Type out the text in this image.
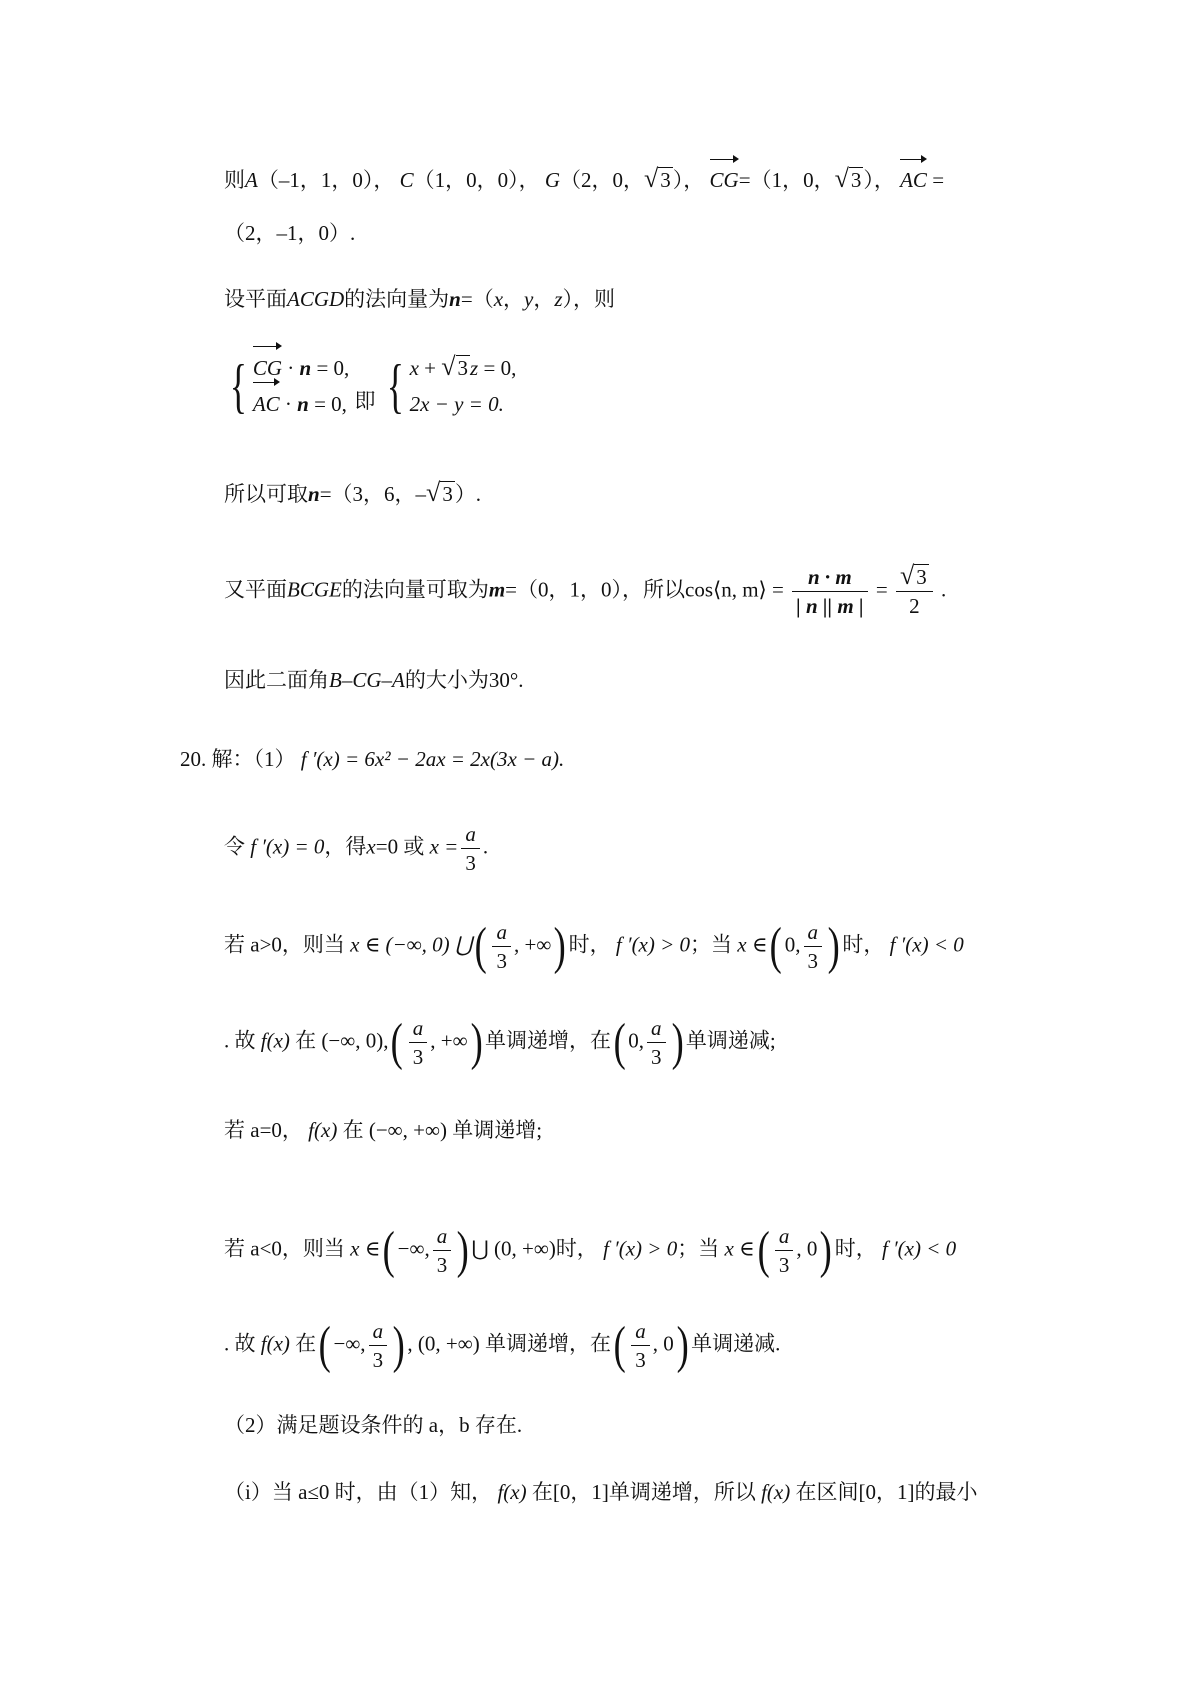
则A（–1，1，0）， C（1，0，0）， G（2，0， √ 3 ）， CG=（1，0， √ 3 ）， AC =
（2，–1，0）.
设平面ACGD的法向量为n=（x，y，z），则
{ CG · n = 0,
AC · n = 0, 即 { x + √ 3 z = 0,
2x − y = 0.
所以可取n=（3，6，– √ 3 ）.
又平面BCGE的法向量可取为m=（0，1，0），所以cos⟨n, m⟩ = $\frac{n \cdot m}{| n || m |} = \frac{√ 3}{2}$ .
因此二面角B–CG–A的大小为30°.
20. 解：（1） f ′(x) = 6x² − 2ax = 2x(3x − a).
令 f ′(x) = 0，得x=0 或 $x = \frac{a}{3}$ .
若 a>0，则当 x ∈ (−∞, 0) ⋃( $\frac{a}{3}$ , +∞) 时， f ′(x) > 0；当 x ∈( 0, $\frac{a}{3}$ ) 时， f ′(x) < 0
. 故 f(x) 在 (−∞, $0),( \frac{a}{3}$ , +∞) 单调递增，在( 0, $\frac{a}{3}$ ) 单调递减;
若 a=0， f(x) 在 (−∞, +∞) 单调递增;
若 a<0，则当 x ∈( −∞, $\frac{a}{3}$ ) ⋃ (0, +∞)时， f ′(x) > 0；当 x ∈( $\frac{a}{3}$ , 0) 时， f ′(x) < 0
. 故 f(x) 在( −∞, $\frac{a}{3}$ ) , (0, +∞) 单调递增，在( $\frac{a}{3}$ , 0) 单调递减.
（2）满足题设条件的 a，b 存在.
（i）当 a≤0 时，由（1）知， f(x) 在[0，1]单调递增，所以 f(x) 在区间[0，1]的最小
